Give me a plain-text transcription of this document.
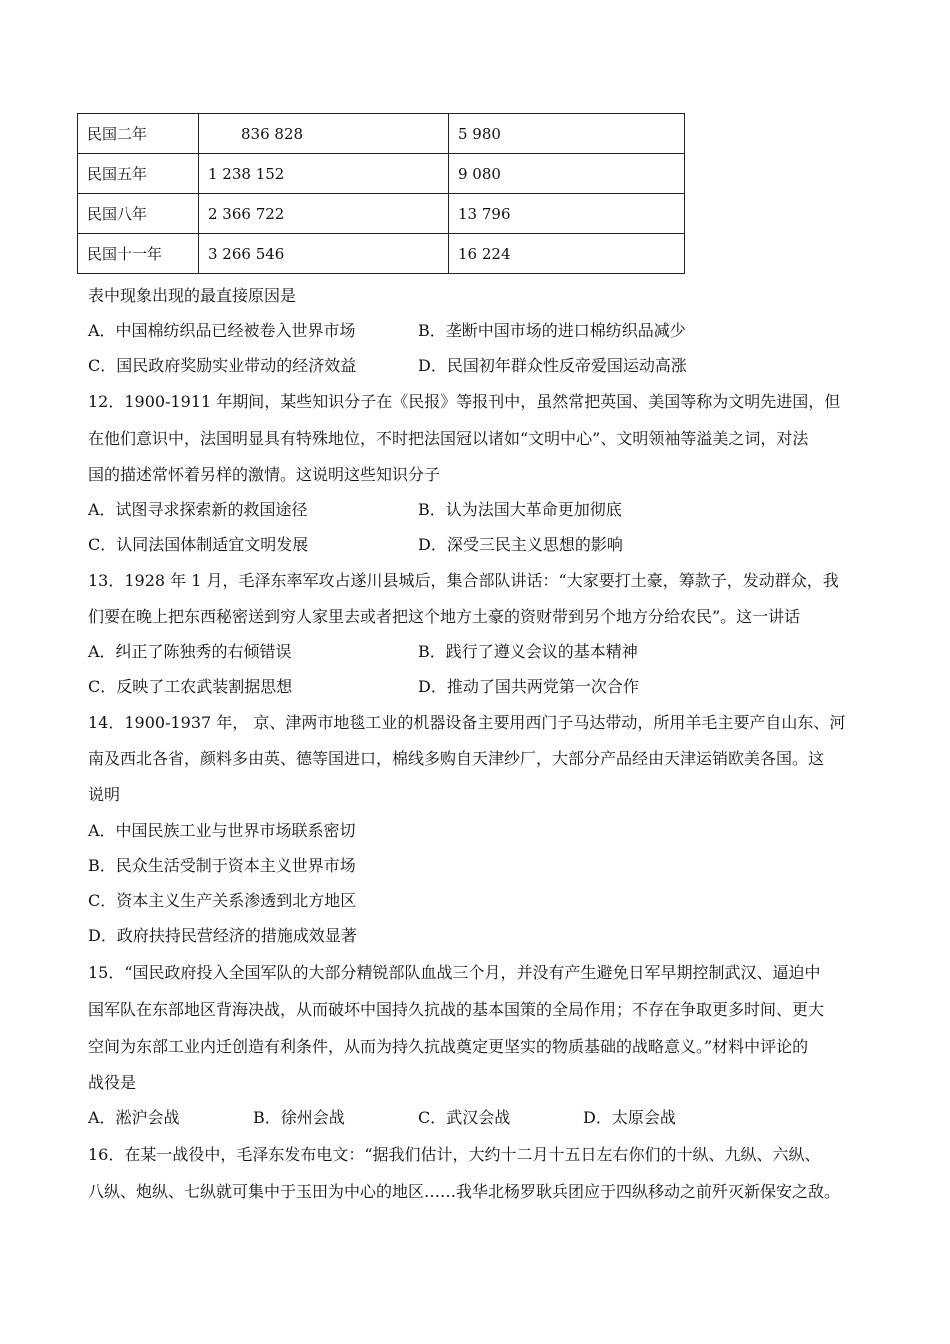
民国二年	836 828	5 980
民国五年	1 238 152	9 080
民国八年	2 366 722	13 796
民国十一年	3 266 546	16 224
表中现象出现的最直接原因是
A．中国棉纺织品已经被卷入世界市场	B．垄断中国市场的进口棉纺织品减少
C．国民政府奖励实业带动的经济效益	D．民国初年群众性反帝爱国运动高涨
12．1900-1911 年期间，某些知识分子在《民报》等报刊中，虽然常把英国、美国等称为文明先进国，但
在他们意识中，法国明显具有特殊地位，不时把法国冠以诸如“文明中心”、文明领袖等溢美之词，对法
国的描述常怀着另样的激情。这说明这些知识分子
A．试图寻求探索新的救国途径	B．认为法国大革命更加彻底
C．认同法国体制适宜文明发展	D．深受三民主义思想的影响
13．1928 年 1 月，毛泽东率军攻占遂川县城后，集合部队讲话：“大家要打土豪，筹款子，发动群众，我
们要在晚上把东西秘密送到穷人家里去或者把这个地方土豪的资财带到另个地方分给农民”。这一讲话
A．纠正了陈独秀的右倾错误	B．践行了遵义会议的基本精神
C．反映了工农武装割据思想	D．推动了国共两党第一次合作
14．1900-1937 年， 京、津两市地毯工业的机器设备主要用西门子马达带动，所用羊毛主要产自山东、河
南及西北各省，颜料多由英、德等国进口，棉线多购自天津纱厂，大部分产品经由天津运销欧美各国。这
说明
A．中国民族工业与世界市场联系密切
B．民众生活受制于资本主义世界市场
C．资本主义生产关系渗透到北方地区
D．政府扶持民营经济的措施成效显著
15．“国民政府投入全国军队的大部分精锐部队血战三个月，并没有产生避免日军早期控制武汉、逼迫中
国军队在东部地区背海决战，从而破坏中国持久抗战的基本国策的全局作用；不存在争取更多时间、更大
空间为东部工业内迁创造有利条件，从而为持久抗战奠定更坚实的物质基础的战略意义。”材料中评论的
战役是
A．淞沪会战	B．徐州会战	C．武汉会战	D．太原会战
16．在某一战役中，毛泽东发布电文：“据我们估计，大约十二月十五日左右你们的十纵、九纵、六纵、
八纵、炮纵、七纵就可集中于玉田为中心的地区……我华北杨罗耿兵团应于四纵移动之前歼灭新保安之敌。
